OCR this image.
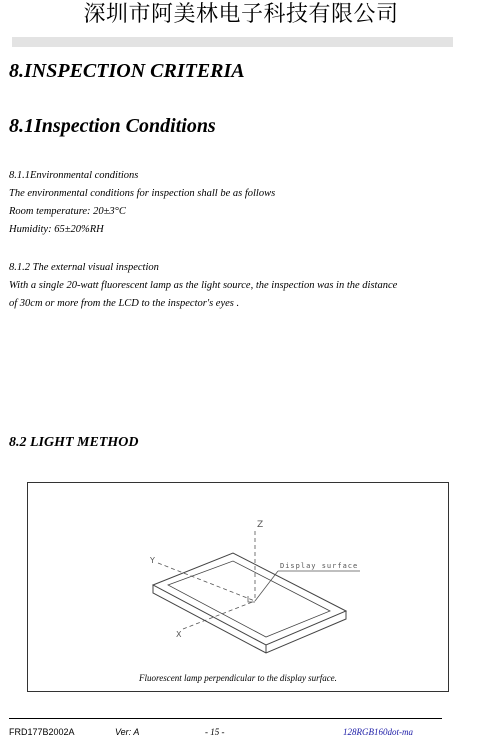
深圳市阿美林电子科技有限公司
8.INSPECTION CRITERIA
8.1Inspection Conditions
8.1.1Environmental conditions
The environmental conditions for inspection shall be as follows
Room temperature: 20±3°C
Humidity: 65±20%RH
8.1.2 The external visual inspection
With a single 20-watt fluorescent lamp as the light source, the inspection was in the distance
of 30cm or more from the LCD to the inspector's eyes .
8.2 LIGHT METHOD
Z
Y
X
Display surface
Fluorescent lamp perpendicular to the display surface.
FRD177B2002A	Ver: A	- 15 -	128RGB160dot-ma
